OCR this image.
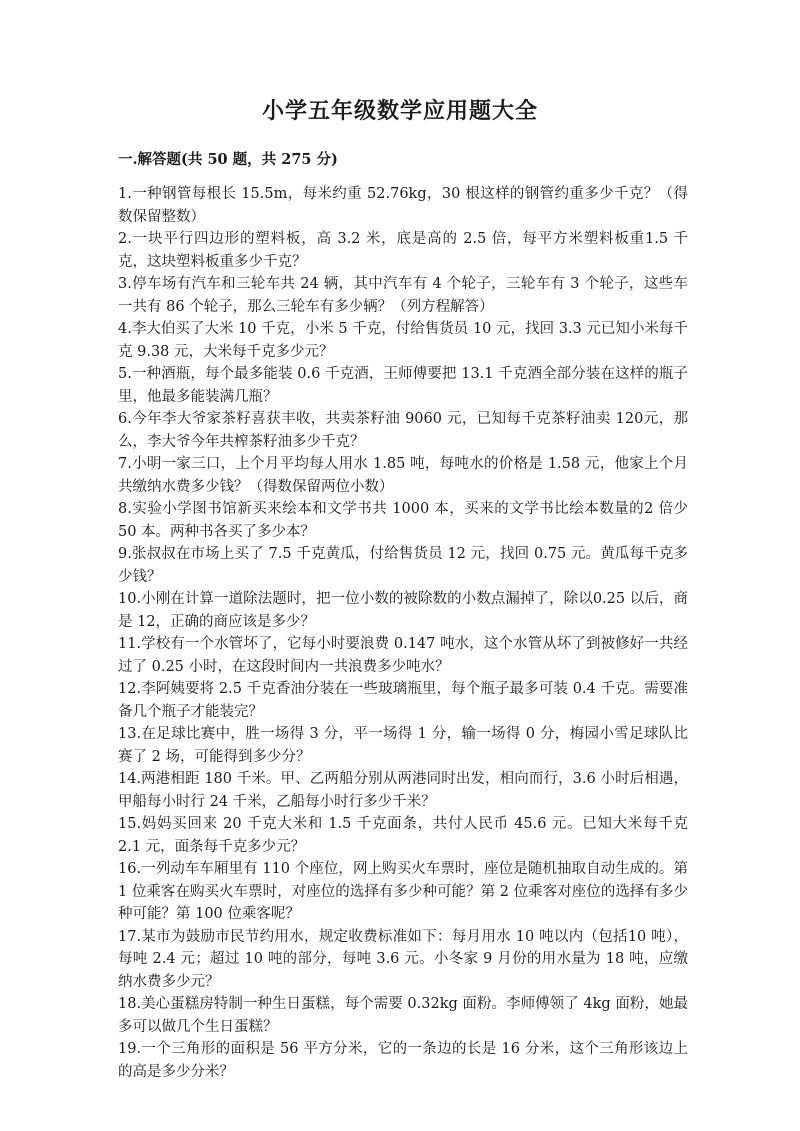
小学五年级数学应用题大全
一.解答题(共 50 题，共 275 分)
1.一种钢管每根长 15.5m，每米约重 52.76kg，30 根这样的钢管约重多少千克？（得数保留整数）
2.一块平行四边形的塑料板，高 3.2 米，底是高的 2.5 倍，每平方米塑料板重1.5 千克，这块塑料板重多少千克？
3.停车场有汽车和三轮车共 24 辆，其中汽车有 4 个轮子，三轮车有 3 个轮子，这些车一共有 86 个轮子，那么三轮车有多少辆？（列方程解答）
4.李大伯买了大米 10 千克，小米 5 千克，付给售货员 10 元，找回 3.3 元已知小米每千克 9.38 元，大米每千克多少元？
5.一种酒瓶，每个最多能装 0.6 千克酒，王师傅要把 13.1 千克酒全部分装在这样的瓶子里，他最多能装满几瓶？
6.今年李大爷家茶籽喜获丰收，共卖茶籽油 9060 元，已知每千克茶籽油卖 120元，那么，李大爷今年共榨茶籽油多少千克？
7.小明一家三口，上个月平均每人用水 1.85 吨，每吨水的价格是 1.58 元，他家上个月共缴纳水费多少钱？（得数保留两位小数）
8.实验小学图书馆新买来绘本和文学书共 1000 本，买来的文学书比绘本数量的2 倍少 50 本。两种书各买了多少本？
9.张叔叔在市场上买了 7.5 千克黄瓜，付给售货员 12 元，找回 0.75 元。黄瓜每千克多少钱？
10.小刚在计算一道除法题时，把一位小数的被除数的小数点漏掉了，除以0.25 以后，商是 12，正确的商应该是多少？
11.学校有一个水管坏了，它每小时要浪费 0.147 吨水，这个水管从坏了到被修好一共经过了 0.25 小时，在这段时间内一共浪费多少吨水？
12.李阿姨要将 2.5 千克香油分装在一些玻璃瓶里，每个瓶子最多可装 0.4 千克。需要准备几个瓶子才能装完？
13.在足球比赛中，胜一场得 3 分，平一场得 1 分，输一场得 0 分，梅园小雪足球队比赛了 2 场，可能得到多少分？
14.两港相距 180 千米。甲、乙两船分别从两港同时出发，相向而行，3.6 小时后相遇，甲船每小时行 24 千米，乙船每小时行多少千米？
15.妈妈买回来 20 千克大米和 1.5 千克面条，共付人民币 45.6 元。已知大米每千克 2.1 元，面条每千克多少元？
16.一列动车车厢里有 110 个座位，网上购买火车票时，座位是随机抽取自动生成的。第 1 位乘客在购买火车票时，对座位的选择有多少种可能？第 2 位乘客对座位的选择有多少种可能？第 100 位乘客呢？
17.某市为鼓励市民节约用水，规定收费标准如下：每月用水 10 吨以内（包括10 吨），每吨 2.4 元；超过 10 吨的部分，每吨 3.6 元。小冬家 9 月份的用水量为 18 吨，应缴纳水费多少元？
18.美心蛋糕房特制一种生日蛋糕，每个需要 0.32kg 面粉。李师傅领了 4kg 面粉，她最多可以做几个生日蛋糕？
19.一个三角形的面积是 56 平方分米，它的一条边的长是 16 分米，这个三角形该边上的高是多少分米？
